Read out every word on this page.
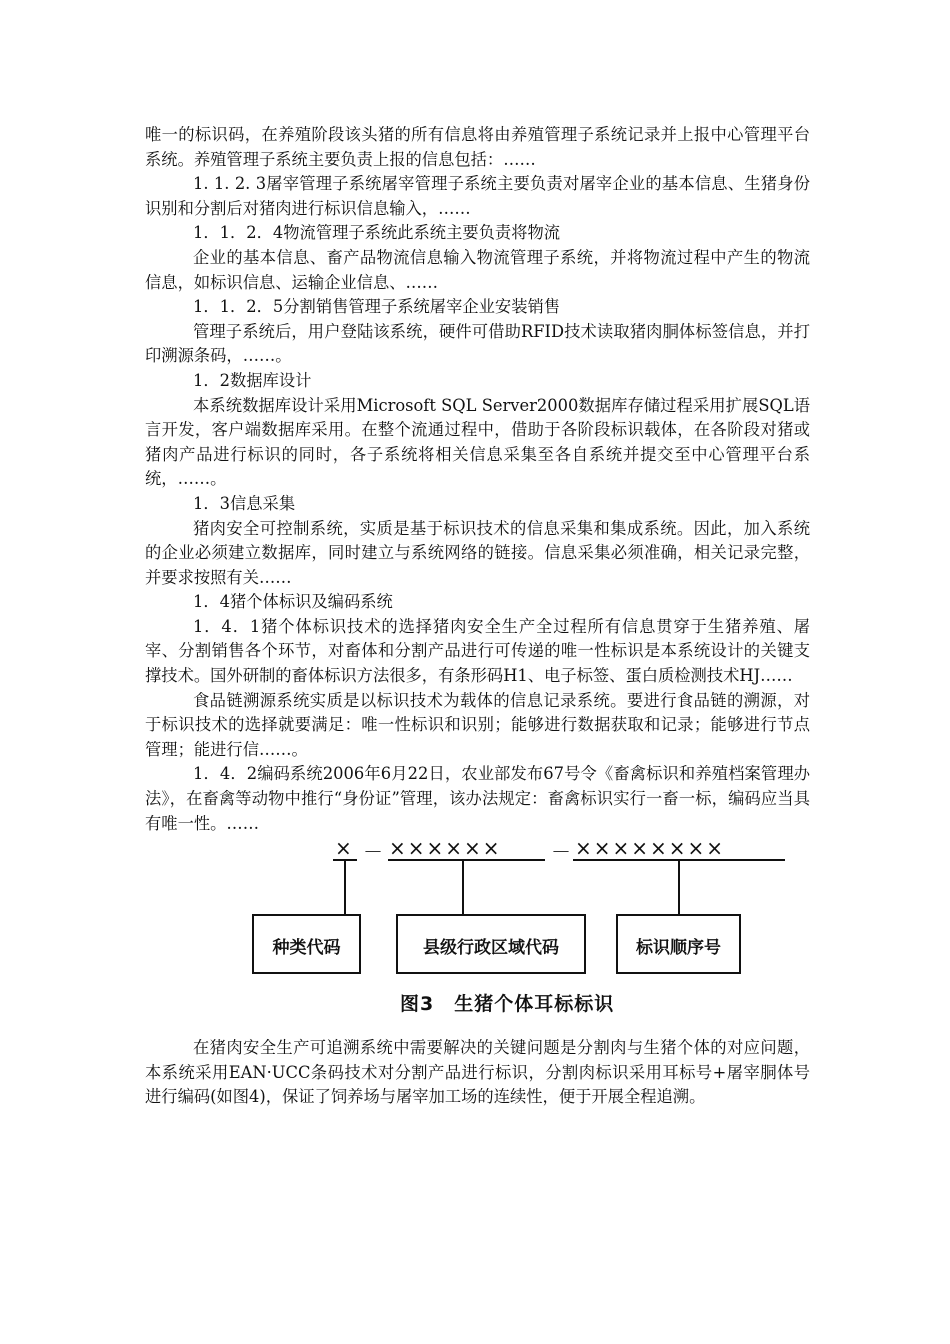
唯一的标识码，在养殖阶段该头猪的所有信息将由养殖管理子系统记录并上报中心管理平台系统。养殖管理子系统主要负责上报的信息包括：……

1. 1. 2. 3屠宰管理子系统屠宰管理子系统主要负责对屠宰企业的基本信息、生猪身份识别和分割后对猪肉进行标识信息输入，……

1．1．2．4物流管理子系统此系统主要负责将物流

企业的基本信息、畜产品物流信息输入物流管理子系统，并将物流过程中产生的物流信息，如标识信息、运输企业信息、……

1．1．2．5分割销售管理子系统屠宰企业安装销售

管理子系统后，用户登陆该系统，硬件可借助RFID技术读取猪肉胴体标签信息，并打印溯源条码，……。

1．2数据库设计

本系统数据库设计采用Microsoft SQL Server2000数据库存储过程采用扩展SQL语言开发，客户端数据库采用。在整个流通过程中，借助于各阶段标识载体，在各阶段对猪或猪肉产品进行标识的同时，各子系统将相关信息采集至各自系统并提交至中心管理平台系统，……。

1．3信息采集

猪肉安全可控制系统，实质是基于标识技术的信息采集和集成系统。因此，加入系统的企业必须建立数据库，同时建立与系统网络的链接。信息采集必须准确，相关记录完整，并要求按照有关……

1．4猪个体标识及编码系统

1．4．1猪个体标识技术的选择猪肉安全生产全过程所有信息贯穿于生猪养殖、屠宰、分割销售各个环节，对畜体和分割产品进行可传递的唯一性标识是本系统设计的关键支撑技术。国外研制的畜体标识方法很多，有条形码H1、电子标签、蛋白质检测技术HJ……

食品链溯源系统实质是以标识技术为载体的信息记录系统。要进行食品链的溯源，对于标识技术的选择就要满足：唯一性标识和识别；能够进行数据获取和记录；能够进行节点管理；能进行信……。

1．4．2编码系统2006年6月22日，农业部发布67号令《畜禽标识和养殖档案管理办法》，在畜禽等动物中推行“身份证”管理，该办法规定：畜禽标识实行一畜一标，编码应当具有唯一性。……

× － ×××××× － ××××××××
种类代码	县级行政区域代码	标识顺序号
图3　生猪个体耳标标识

在猪肉安全生产可追溯系统中需要解决的关键问题是分割肉与生猪个体的对应问题，本系统采用EAN·UCC条码技术对分割产品进行标识，分割肉标识采用耳标号+屠宰胴体号进行编码(如图4)，保证了饲养场与屠宰加工场的连续性，便于开展全程追溯。
